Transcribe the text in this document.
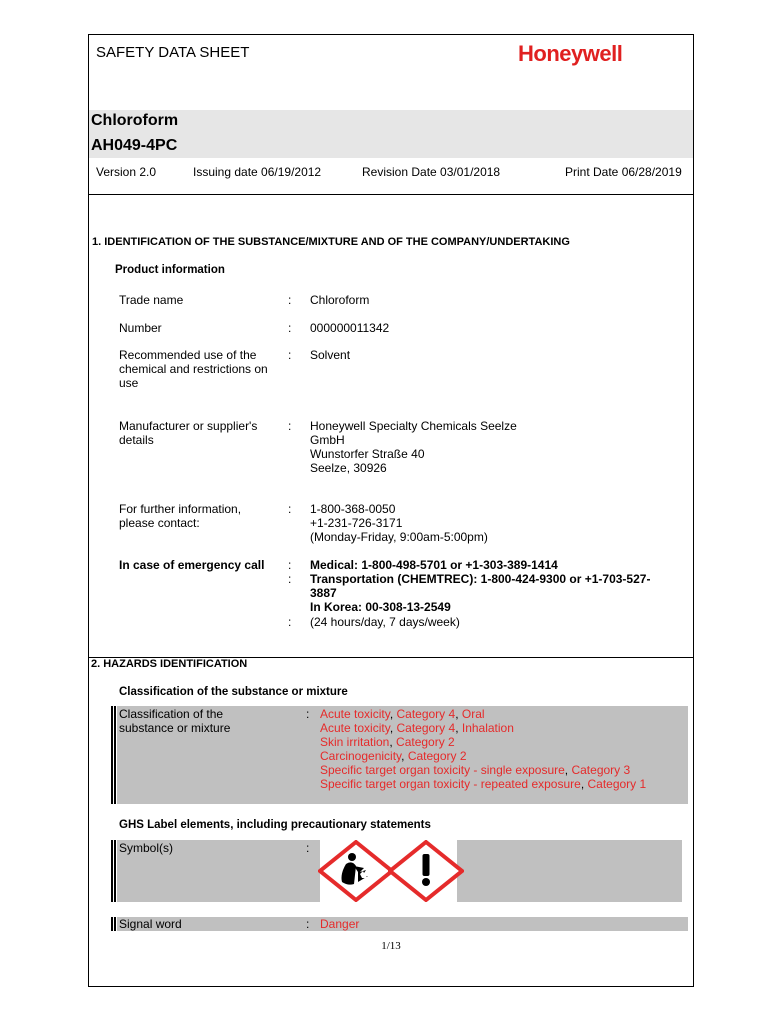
SAFETY DATA SHEET	Honeywell
Chloroform
AH049-4PC
Version 2.0	Issuing date 06/19/2012	Revision Date 03/01/2018	Print Date 06/28/2019
1. IDENTIFICATION OF THE SUBSTANCE/MIXTURE AND OF THE COMPANY/UNDERTAKING
Product information
Trade name	: Chloroform
Number	: 000000011342
Recommended use of the chemical and restrictions on use
: Solvent
Manufacturer or supplier's details
: Honeywell Specialty Chemicals Seelze GmbH
Wunstorfer Straße 40
Seelze, 30926
For further information, please contact:
: 1-800-368-0050
+1-231-726-3171
(Monday-Friday, 9:00am-5:00pm)
In case of emergency call : Medical: 1-800-498-5701 or +1-303-389-1414
: Transportation (CHEMTREC): 1-800-424-9300 or +1-703-527-3887
In Korea: 00-308-13-2549
: (24 hours/day, 7 days/week)
2. HAZARDS IDENTIFICATION
Classification of the substance or mixture
Classification of the substance or mixture
: Acute toxicity, Category 4, Oral
Acute toxicity, Category 4, Inhalation
Skin irritation, Category 2
Carcinogenicity, Category 2
Specific target organ toxicity - single exposure, Category 3
Specific target organ toxicity - repeated exposure, Category 1
GHS Label elements, including precautionary statements
Symbol(s)	:
Signal word	: Danger
1/13
